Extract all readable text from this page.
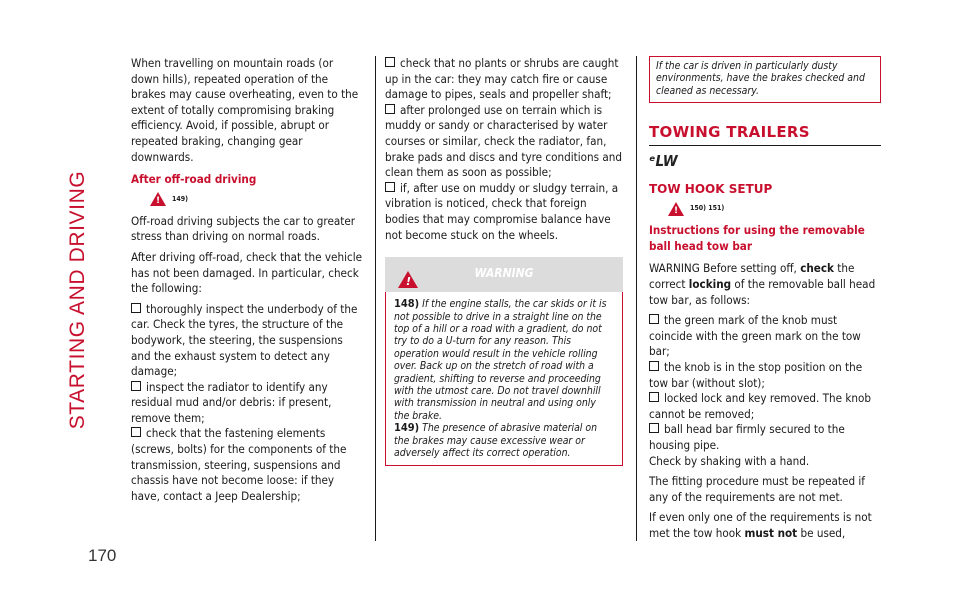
STARTING AND DRIVING
170

When travelling on mountain roads (or down hills), repeated operation of the brakes may cause overheating, even to the extent of totally compromising braking efficiency. Avoid, if possible, abrupt or repeated braking, changing gear downwards.

After off-road driving
!$^{149)}$

Off-road driving subjects the car to greater stress than driving on normal roads.

After driving off-road, check that the vehicle has not been damaged. In particular, check the following:

thoroughly inspect the underbody of the car. Check the tyres, the structure of the bodywork, the steering, the suspensions and the exhaust system to detect any damage;
inspect the radiator to identify any residual mud and/or debris: if present, remove them;
check that the fastening elements (screws, bolts) for the components of the transmission, steering, suspensions and chassis have not become loose: if they have, contact a Jeep Dealership;
check that no plants or shrubs are caught up in the car: they may catch fire or cause damage to pipes, seals and propeller shaft;
after prolonged use on terrain which is muddy or sandy or characterised by water courses or similar, check the radiator, fan, brake pads and discs and tyre conditions and clean them as soon as possible;
if, after use on muddy or sludgy terrain, a vibration is noticed, check that foreign bodies that may compromise balance have not become stuck on the wheels.
!
WARNING
148) If the engine stalls, the car skids or it is not possible to drive in a straight line on the top of a hill or a road with a gradient, do not try to do a U-turn for any reason. This operation would result in the vehicle rolling over. Back up on the stretch of road with a gradient, shifting to reverse and proceeding with the utmost care. Do not travel downhill with transmission in neutral and using only the brake.
149) The presence of abrasive material on the brakes may cause excessive wear or adversely affect its correct operation.
If the car is driven in particularly dusty environments, have the brakes checked and cleaned as necessary.
TOWING TRAILERS
ᵉLW
TOW HOOK SETUP
!$^{150) 151)}$
Instructions for using the removable ball head tow bar

WARNING Before setting off, check the correct locking of the removable ball head tow bar, as follows:

the green mark of the knob must coincide with the green mark on the tow bar;
the knob is in the stop position on the tow bar (without slot);
locked lock and key removed. The knob cannot be removed;
ball head bar firmly secured to the housing pipe.

Check by shaking with a hand.

The fitting procedure must be repeated if any of the requirements are not met.

If even only one of the requirements is not met the tow hook must not be used,
